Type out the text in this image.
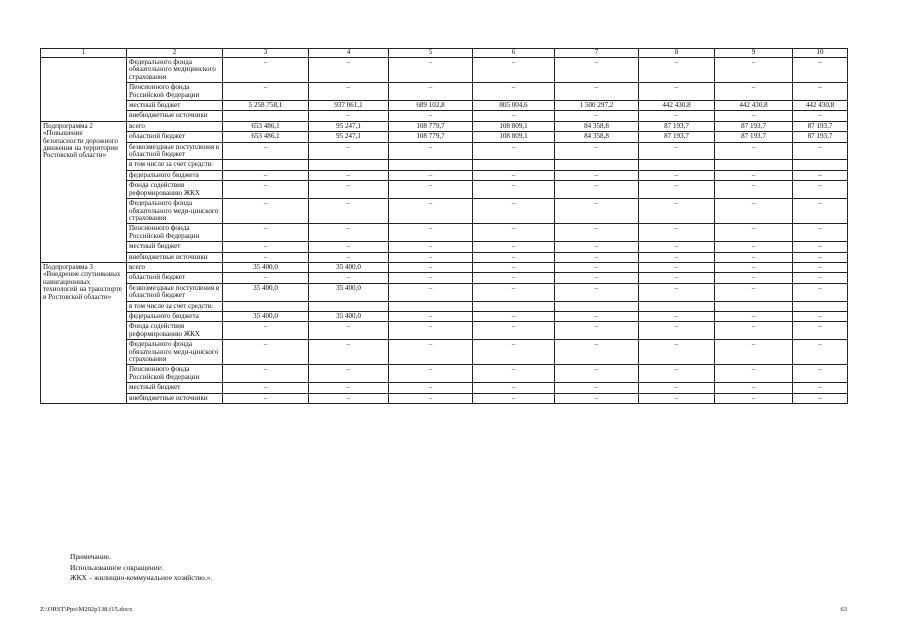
1	2	3	4	5	6	7	8	9	10
	Федерального фонда обязательного медицинского страхования	–	–	–	–	–	–	–	–
	Пенсионного фонда Российской Федерации	–	–	–	–	–	–	–	–
	местный бюджет	5 258 758,1	937 061,1	689 102,8	805 004,6	1 500 297,2	442 430,8	442 430,8	442 430,8
	внебюджетные источники		–	–	–	–	–	–	–
Подпрограмма 2 «Повышение безопасности дорожного движения на территории Ростовской области»	всего	653 486,1	95 247,1	108 779,7	108 809,1	84 358,8	87 193,7	87 193,7	87 193,7
	областной бюджет	653 486,1	95 247,1	108 779,7	108 809,1	84 358,8	87 193,7	87 193,7	87 193,7
	безвозмездные поступления в областной бюджет	–	–	–	–	–	–	–	–
	в том числе за счет средств:								
	федерального бюджета	–	–	–	–	–	–	–	–
	Фонда содействия реформированию ЖКХ	–	–	–	–	–	–	–	–
	Федерального фонда обязательного меди-цинского страхования	–	–	–	–	–	–	–	–
	Пенсионного фонда Российской Федерации	–	–	–	–	–	–	–	–
	местный бюджет	–	–	–	–	–	–	–	–
	внебюджетные источники	–	–	–	–	–	–	–	–
Подпрограмма 3 «Внедрение спутниковых навигационных технологий на транспорте в Ростовской области»	всего	35 400,0	35 400,0	–	–	–	–	–	–
	областной бюджет	–	–	–	–	–	–	–	–
	безвозмездные поступления в областной бюджет	35 400,0	35 400,0	–	–	–	–	–	–
	в том числе за счет средств:								
	федерального бюджета	35 400,0	35 400,0	–	–	–	–	–	–
	Фонда содействия реформированию ЖКХ	–	–	–	–	–	–	–	–
	Федерального фонда обязательного меди-цинского страхования	–	–	–	–	–	–	–	–
	Пенсионного фонда Российской Федерации	–	–	–	–	–	–	–	–
	местный бюджет	–	–	–	–	–	–	–	–
	внебюджетные источники	–	–	–	–	–	–	–	–
Примечание.
Использованное сокращение:
ЖКХ – жилищно-коммунальное хозяйство.».
Z:\ORST\Ppo\M202p138.f15.docx	63
